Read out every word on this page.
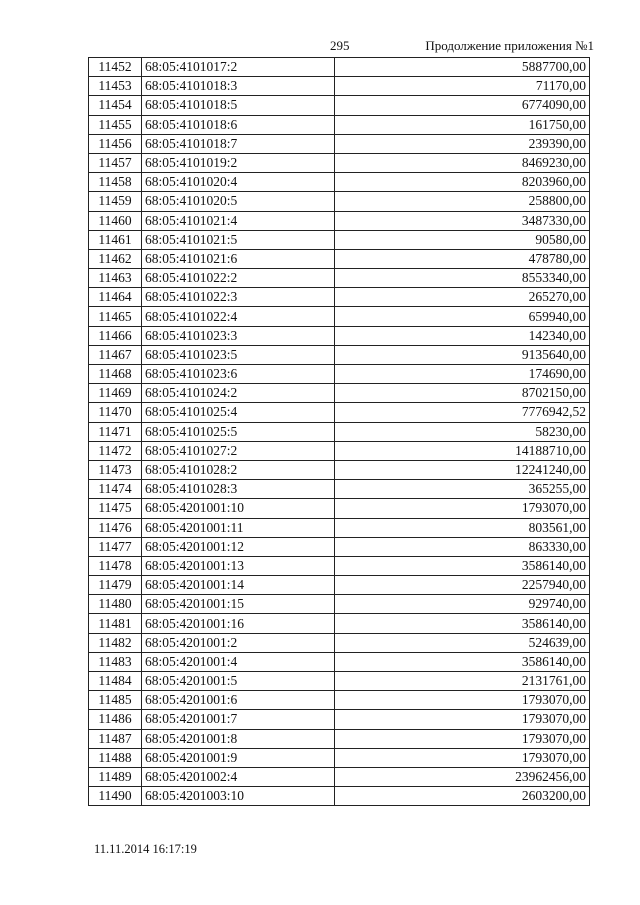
295	Продолжение приложения №1
11452	68:05:4101017:2	5887700,00
11453	68:05:4101018:3	71170,00
11454	68:05:4101018:5	6774090,00
11455	68:05:4101018:6	161750,00
11456	68:05:4101018:7	239390,00
11457	68:05:4101019:2	8469230,00
11458	68:05:4101020:4	8203960,00
11459	68:05:4101020:5	258800,00
11460	68:05:4101021:4	3487330,00
11461	68:05:4101021:5	90580,00
11462	68:05:4101021:6	478780,00
11463	68:05:4101022:2	8553340,00
11464	68:05:4101022:3	265270,00
11465	68:05:4101022:4	659940,00
11466	68:05:4101023:3	142340,00
11467	68:05:4101023:5	9135640,00
11468	68:05:4101023:6	174690,00
11469	68:05:4101024:2	8702150,00
11470	68:05:4101025:4	7776942,52
11471	68:05:4101025:5	58230,00
11472	68:05:4101027:2	14188710,00
11473	68:05:4101028:2	12241240,00
11474	68:05:4101028:3	365255,00
11475	68:05:4201001:10	1793070,00
11476	68:05:4201001:11	803561,00
11477	68:05:4201001:12	863330,00
11478	68:05:4201001:13	3586140,00
11479	68:05:4201001:14	2257940,00
11480	68:05:4201001:15	929740,00
11481	68:05:4201001:16	3586140,00
11482	68:05:4201001:2	524639,00
11483	68:05:4201001:4	3586140,00
11484	68:05:4201001:5	2131761,00
11485	68:05:4201001:6	1793070,00
11486	68:05:4201001:7	1793070,00
11487	68:05:4201001:8	1793070,00
11488	68:05:4201001:9	1793070,00
11489	68:05:4201002:4	23962456,00
11490	68:05:4201003:10	2603200,00
11.11.2014 16:17:19
